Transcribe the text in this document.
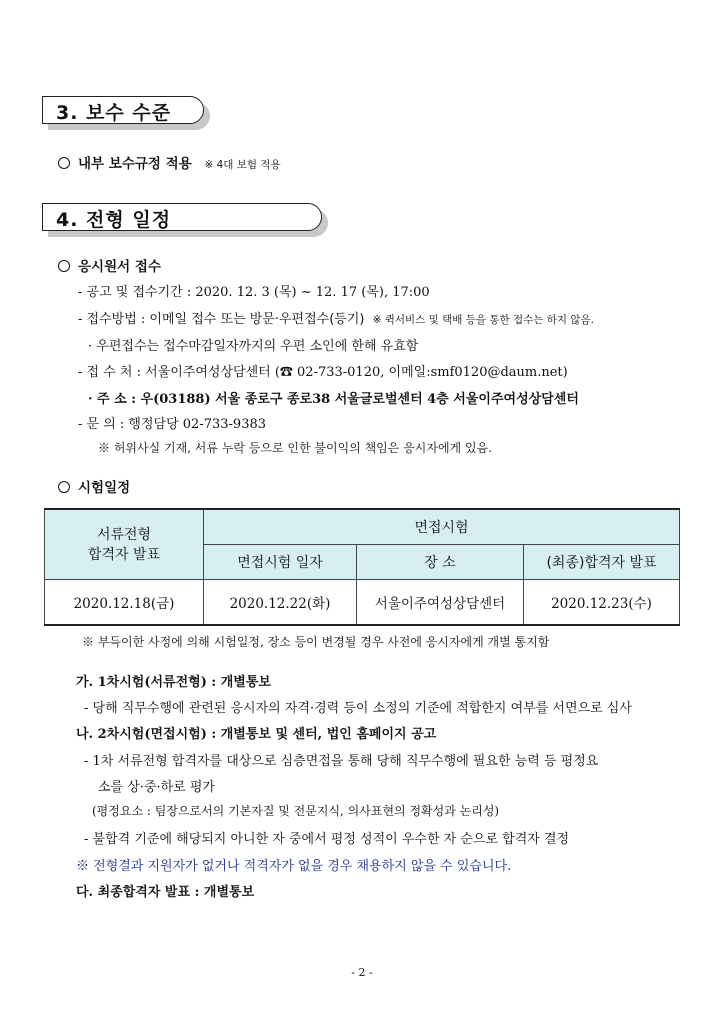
3. 보수 수준
내부 보수규정 적용 ※ 4대 보험 적용
4. 전형 일정
응시원서 접수
- 공고 및 접수기간 : 2020. 12. 3 (목) ~ 12. 17 (목), 17:00
- 접수방법 : 이메일 접수 또는 방문·우편접수(등기) ※ 퀵서비스 및 택배 등을 통한 접수는 하지 않음.
· 우편접수는 접수마감일자까지의 우편 소인에 한해 유효함
- 접 수 처 : 서울이주여성상담센터 (☎ 02-733-0120, 이메일:smf0120@daum.net)
· 주 소 : 우(03188) 서울 종로구 종로38 서울글로벌센터 4층 서울이주여성상담센터
- 문 의 : 행정담당 02-733-9383
※ 허위사실 기재, 서류 누락 등으로 인한 불이익의 책임은 응시자에게 있음.
시험일정
서류전형
합격자 발표	면접시험		
	면접시험 일자	장 소	(최종)합격자 발표
2020.12.18(금)	2020.12.22(화)	서울이주여성상담센터	2020.12.23(수)
※ 부득이한 사정에 의해 시험일정, 장소 등이 변경될 경우 사전에 응시자에게 개별 통지함
가. 1차시험(서류전형) : 개별통보
- 당해 직무수행에 관련된 응시자의 자격·경력 등이 소정의 기준에 적합한지 여부를 서면으로 심사
나. 2차시험(면접시험) : 개별통보 및 센터, 법인 홈페이지 공고
- 1차 서류전형 합격자를 대상으로 심층면접을 통해 당해 직무수행에 필요한 능력 등 평정요
소를 상·중·하로 평가
(평정요소 : 팀장으로서의 기본자질 및 전문지식, 의사표현의 정확성과 논리성)
- 불합격 기준에 해당되지 아니한 자 중에서 평정 성적이 우수한 자 순으로 합격자 결정
※ 전형결과 지원자가 없거나 적격자가 없을 경우 채용하지 않을 수 있습니다.
다. 최종합격자 발표 : 개별통보
- 2 -
